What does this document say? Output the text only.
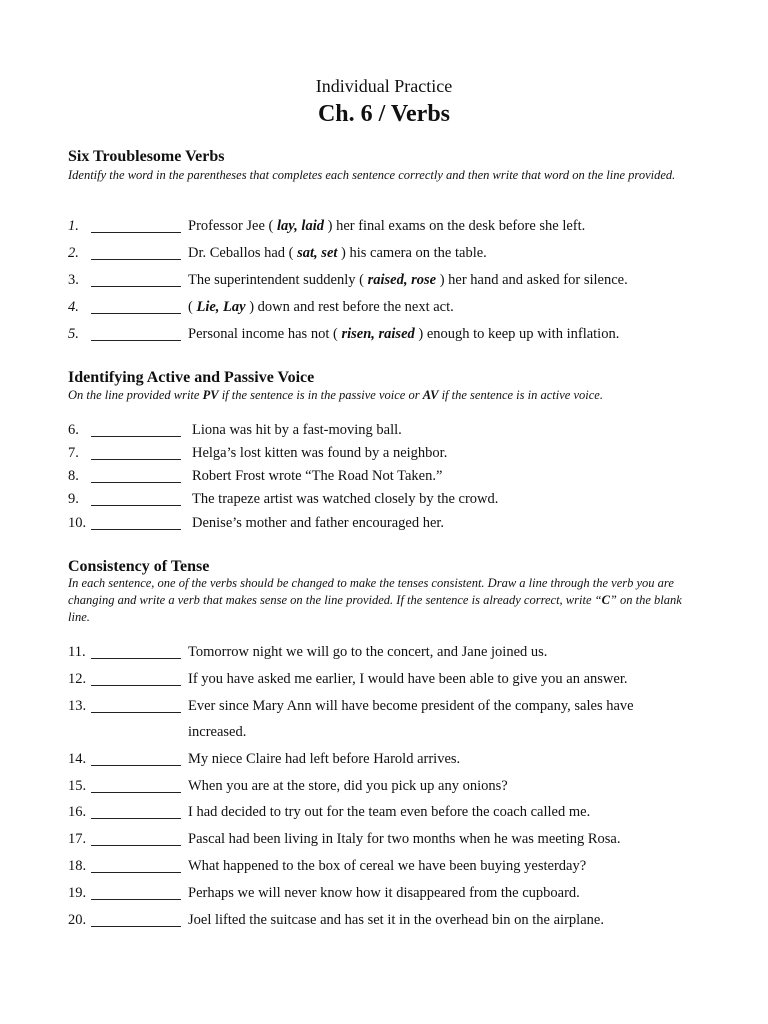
Individual Practice
Ch. 6 / Verbs
Six Troublesome Verbs
Identify the word in the parentheses that completes each sentence correctly and then write that word on the line provided.
1.	Professor Jee ( lay, laid ) her final exams on the desk before she left.
2.	Dr. Ceballos had ( sat, set ) his camera on the table.
3.	The superintendent suddenly ( raised, rose ) her hand and asked for silence.
4.	( Lie, Lay ) down and rest before the next act.
5.	Personal income has not ( risen, raised ) enough to keep up with inflation.
Identifying Active and Passive Voice
On the line provided write PV if the sentence is in the passive voice or AV if the sentence is in active voice.
6.	Liona was hit by a fast-moving ball.
7.	Helga’s lost kitten was found by a neighbor.
8.	Robert Frost wrote “The Road Not Taken.”
9.	The trapeze artist was watched closely by the crowd.
10.	Denise’s mother and father encouraged her.
Consistency of Tense
In each sentence, one of the verbs should be changed to make the tenses consistent. Draw a line through the verb you are changing and write a verb that makes sense on the line provided. If the sentence is already correct, write “C” on the blank line.
11.	Tomorrow night we will go to the concert, and Jane joined us.
12.	If you have asked me earlier, I would have been able to give you an answer.
13.	Ever since Mary Ann will have become president of the company, sales have
increased.
14.	My niece Claire had left before Harold arrives.
15.	When you are at the store, did you pick up any onions?
16.	I had decided to try out for the team even before the coach called me.
17.	Pascal had been living in Italy for two months when he was meeting Rosa.
18.	What happened to the box of cereal we have been buying yesterday?
19.	Perhaps we will never know how it disappeared from the cupboard.
20.	Joel lifted the suitcase and has set it in the overhead bin on the airplane.
